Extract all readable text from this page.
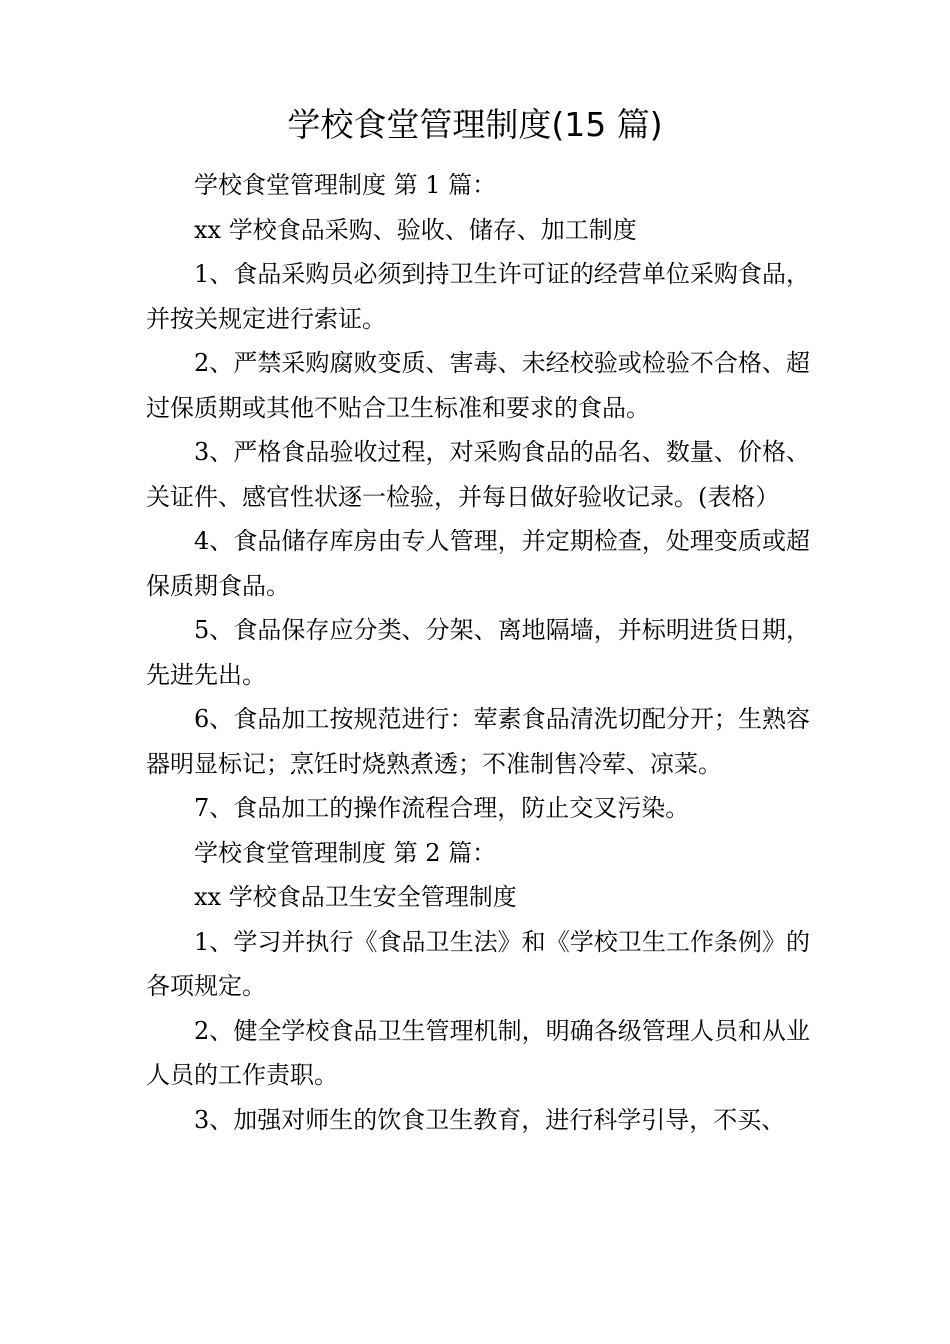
学校食堂管理制度(15 篇)

学校食堂管理制度 第 1 篇：

xx 学校食品采购、验收、储存、加工制度

1、食品采购员必须到持卫生许可证的经营单位采购食品，并按关规定进行索证。

2、严禁采购腐败变质、害毒、未经校验或检验不合格、超过保质期或其他不贴合卫生标准和要求的食品。

3、严格食品验收过程，对采购食品的品名、数量、价格、关证件、感官性状逐一检验，并每日做好验收记录。(表格）

4、食品储存库房由专人管理，并定期检查，处理变质或超保质期食品。

5、食品保存应分类、分架、离地隔墙，并标明进货日期，先进先出。

6、食品加工按规范进行：荤素食品清洗切配分开；生熟容器明显标记；烹饪时烧熟煮透；不准制售冷荤、凉菜。

7、食品加工的操作流程合理，防止交叉污染。

学校食堂管理制度 第 2 篇：

xx 学校食品卫生安全管理制度

1、学习并执行《食品卫生法》和《学校卫生工作条例》的各项规定。

2、健全学校食品卫生管理机制，明确各级管理人员和从业人员的工作责职。

3、加强对师生的饮食卫生教育，进行科学引导，不买、
